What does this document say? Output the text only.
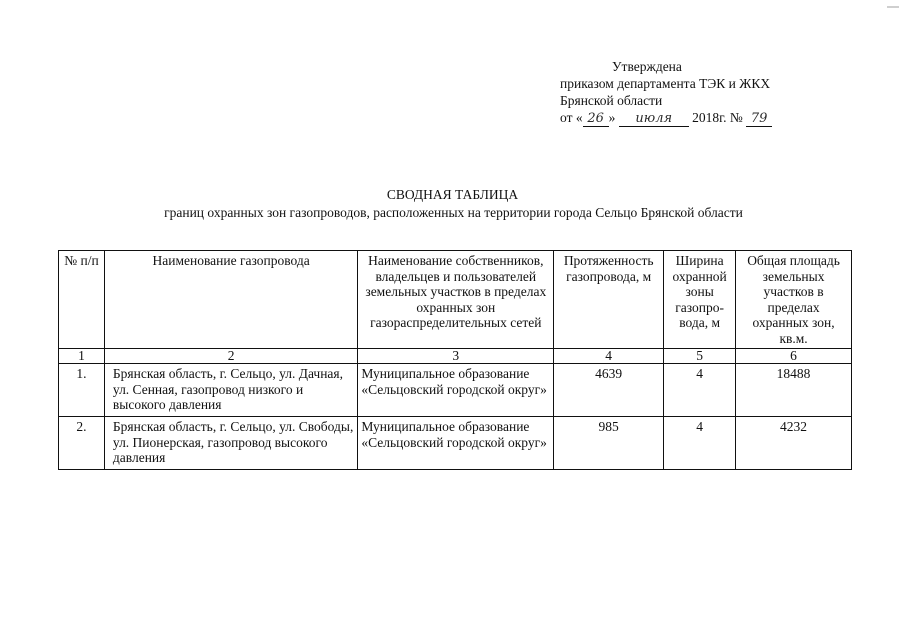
Утверждена
приказом департамента ТЭК и ЖКХ
Брянской области
от « 26 » июля 2018г. № 79
СВОДНАЯ ТАБЛИЦА
границ охранных зон газопроводов, расположенных на территории города Сельцо Брянской области
№ п/п	Наименование газопровода	Наименование собственников, владельцев и пользователей земельных участков в пределах охранных зон газораспределительных сетей	Протяженность газопровода, м	Ширина охранной зоны газопро-вода, м	Общая площадь земельных участков в пределах охранных зон, кв.м.
1	2	3	4	5	6
1.	Брянская область, г. Сельцо, ул. Дачная, ул. Сенная, газопровод низкого и высокого давления	Муниципальное образование «Сельцовский городской округ»	4639	4	18488
2.	Брянская область, г. Сельцо, ул. Свободы, ул. Пионерская, газопровод высокого давления	Муниципальное образование «Сельцовский городской округ»	985	4	4232
